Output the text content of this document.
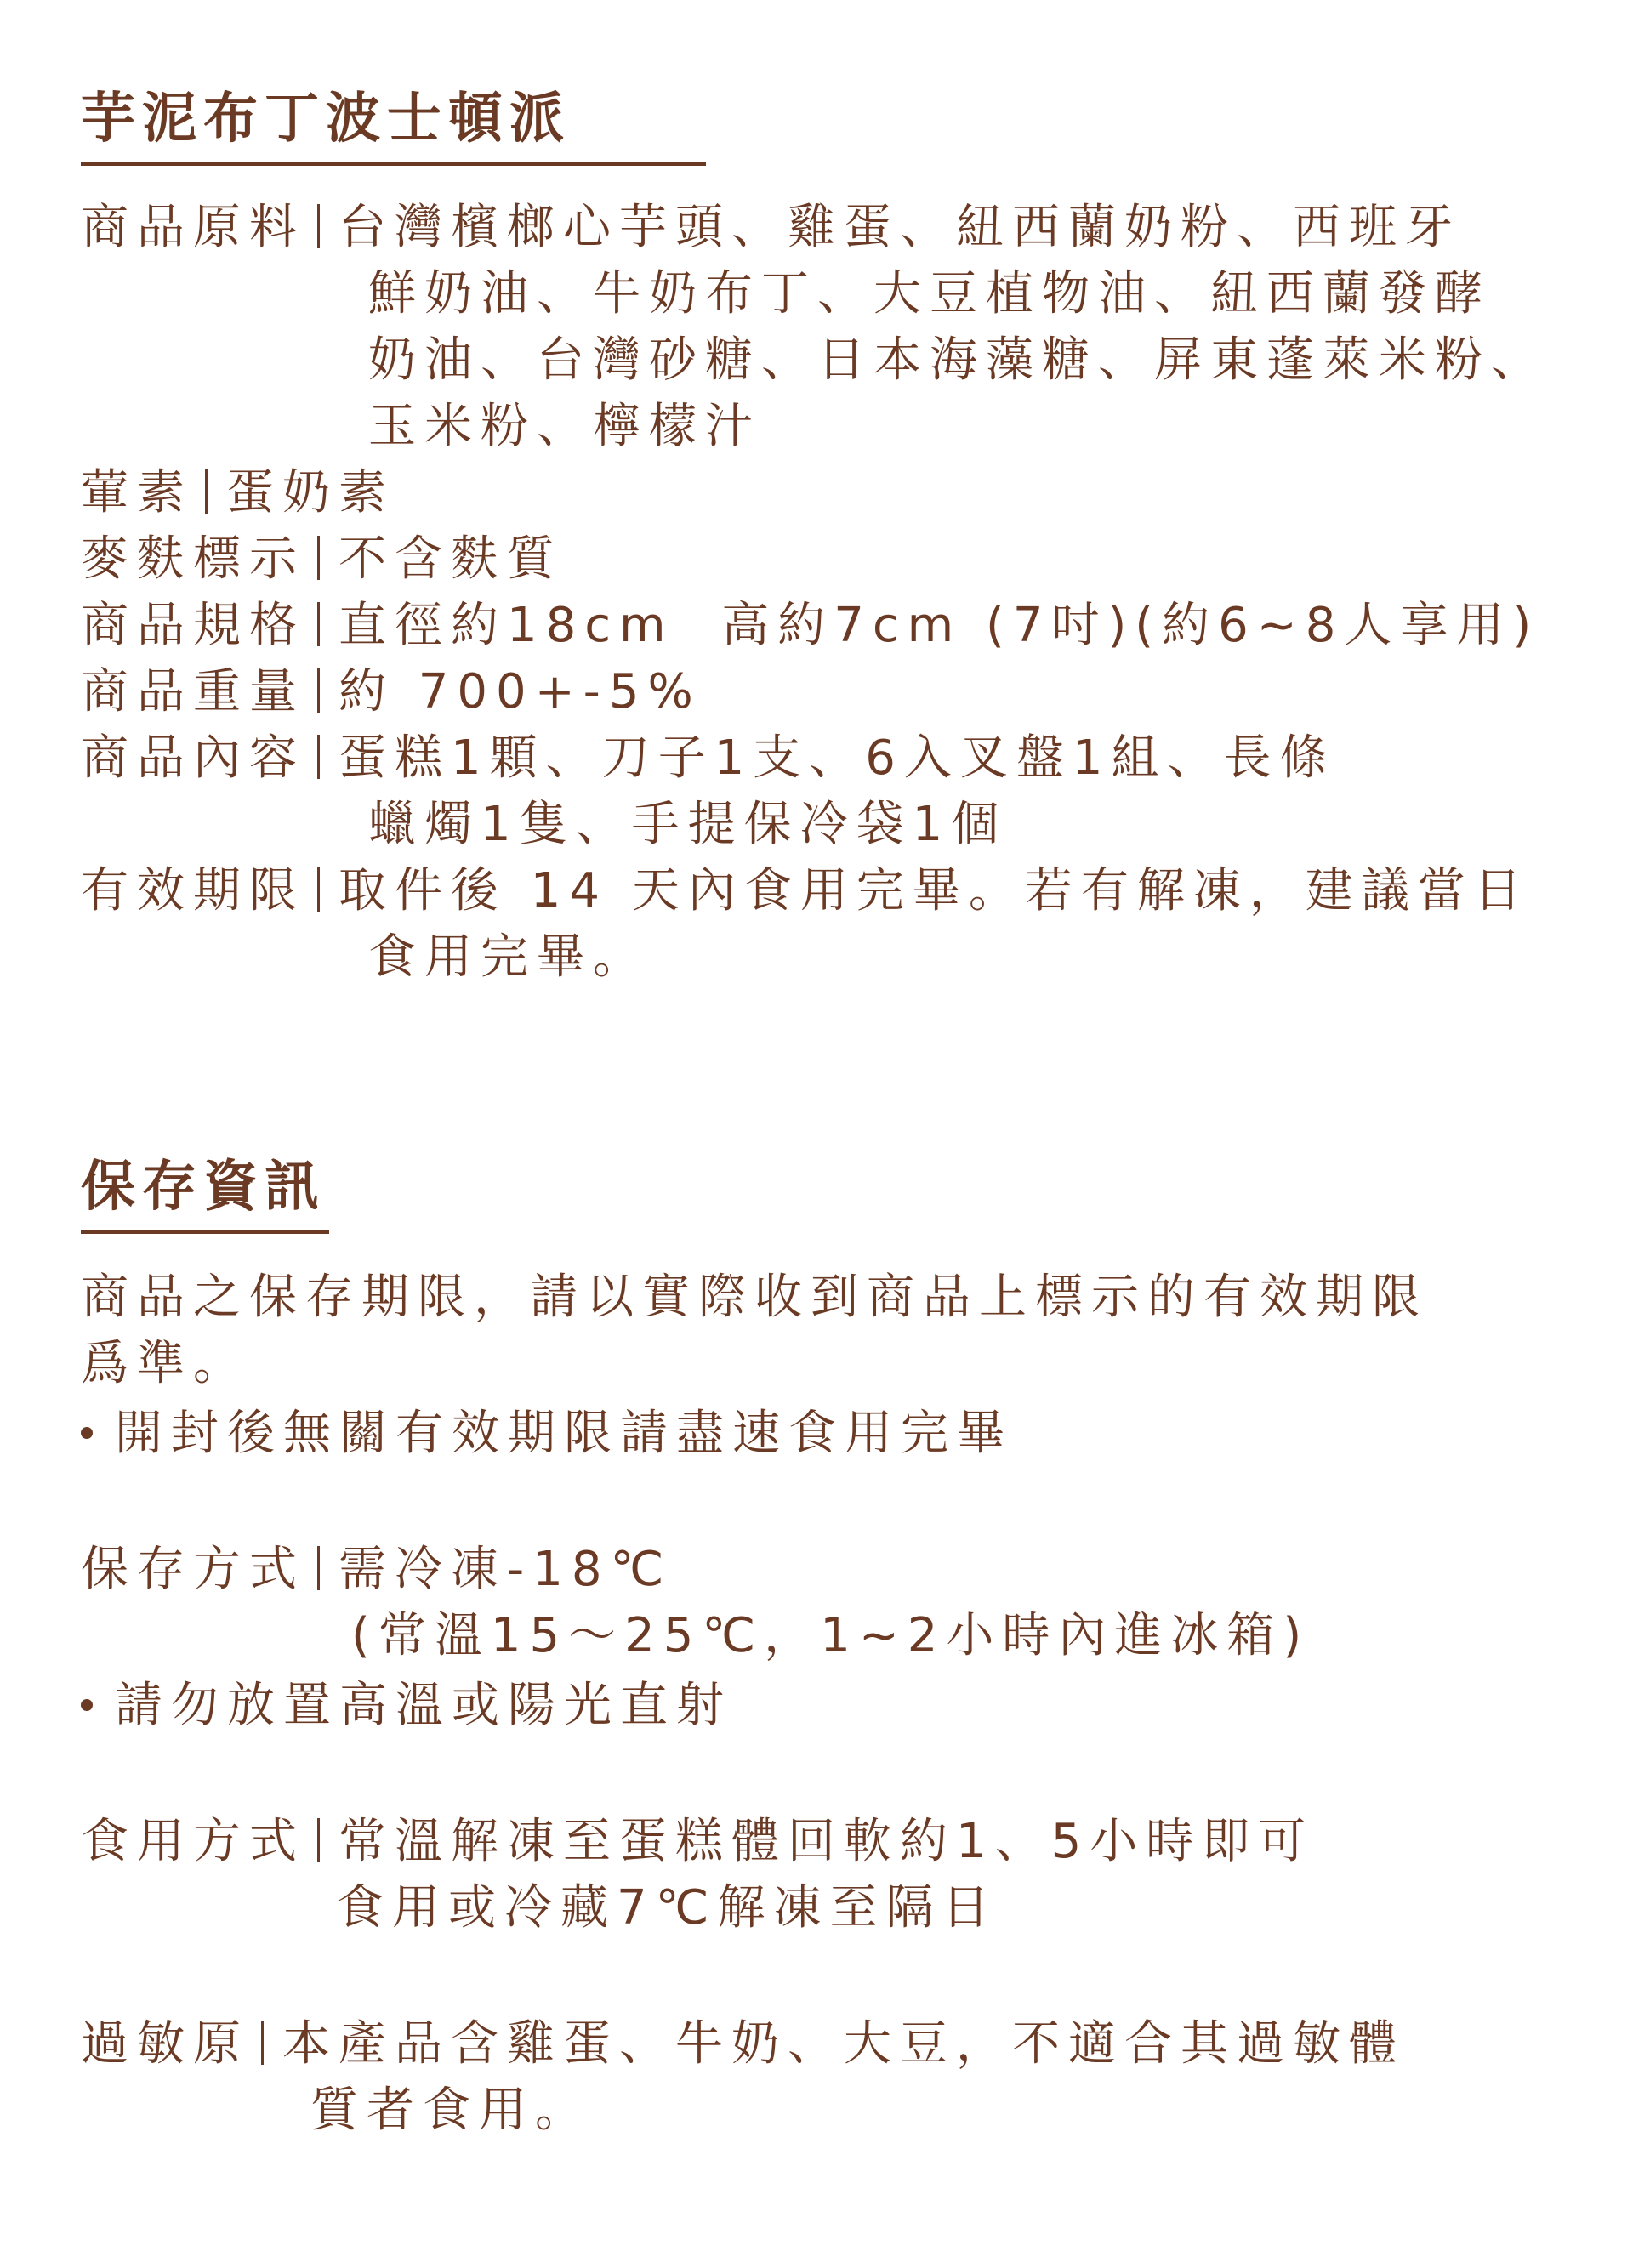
芋泥布丁波士頓派
商品原料 台灣檳榔心芋頭、雞蛋、紐西蘭奶粉、西班牙
鮮奶油、牛奶布丁、大豆植物油、紐西蘭發酵
奶油、台灣砂糖、日本海藻糖、屏東蓬萊米粉、
玉米粉、檸檬汁
葷素 蛋奶素
麥麩標示 不含麩質
商品規格 直徑約18cm  高約7cm (7吋)(約6~8人享用)
商品重量 約 700+-5%
商品內容 蛋糕1顆、刀子1支、6入叉盤1組、長條
蠟燭1隻、手提保冷袋1個
有效期限 取件後 14 天內食用完畢。若有解凍，建議當日
食用完畢。
保存資訊
商品之保存期限，請以實際收到商品上標示的有效期限
爲準。
開封後無關有效期限請盡速食用完畢
保存方式 需冷凍-18℃
(常溫15～25℃，1~2小時內進冰箱)
請勿放置高溫或陽光直射
食用方式 常溫解凍至蛋糕體回軟約1、5小時即可
食用或冷藏7℃解凍至隔日
過敏原 本產品含雞蛋、牛奶、大豆，不適合其過敏體
質者食用。
